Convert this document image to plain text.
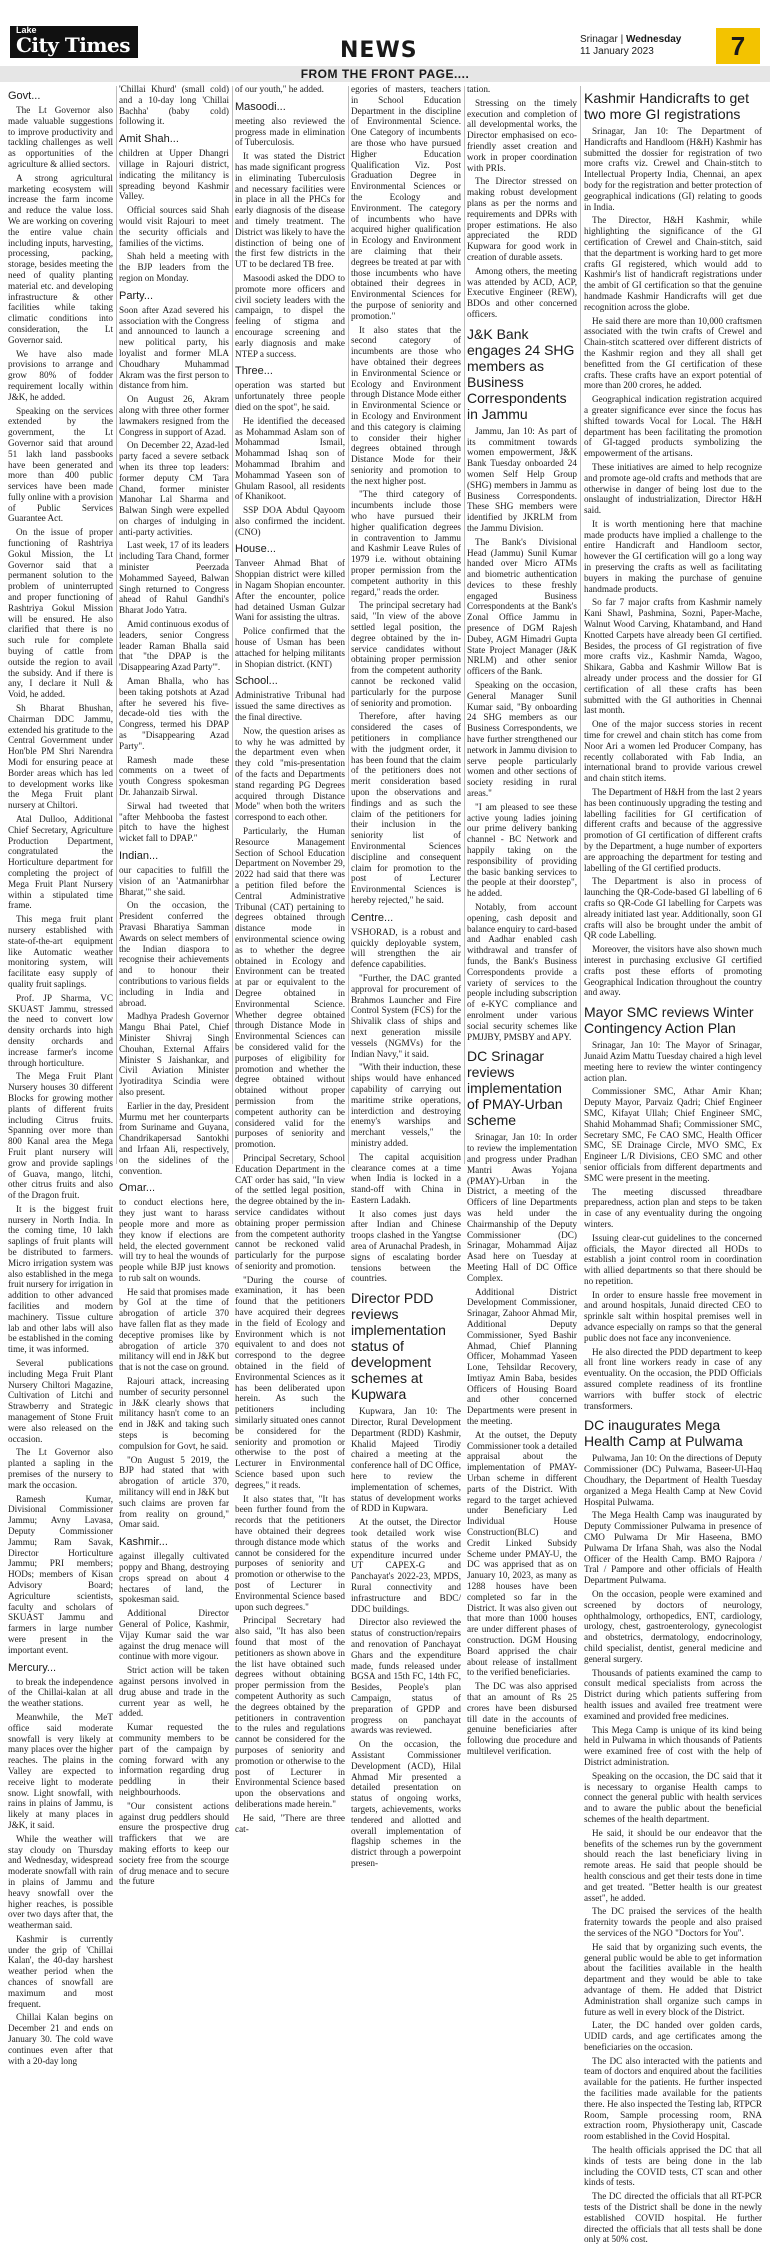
Lake
City Times	NEWS	Srinagar | Wednesday
11 January 2023	7
FROM THE FRONT PAGE....
Govt...

The Lt Governor also made valuable suggestions to improve productivity and tackling challenges as well as opportunities of the agriculture & allied sectors.

A strong agricultural marketing ecosystem will increase the farm income and reduce the value loss. We are working on covering the entire value chain including inputs, harvesting, processing, packing, storage, besides meeting the need of quality planting material etc. and developing infrastructure & other facilities while taking climatic conditions into consideration, the Lt Governor said.

We have also made provisions to arrange and grow 80% of fodder requirement locally within J&K, he added.

Speaking on the services extended by the government, the Lt Governor said that around 51 lakh land passbooks have been generated and more than 400 public services have been made fully online with a provision of Public Services Guarantee Act.

On the issue of proper functioning of Rashtriya Gokul Mission, the Lt Governor said that a permanent solution to the problem of uninterrupted and proper functioning of Rashtriya Gokul Mission will be ensured. He also clarified that there is no such rule for complete buying of cattle from outside the region to avail the subsidy. And if there is any, I declare it Null & Void, he added.

Sh Bharat Bhushan, Chairman DDC Jammu, extended his gratitude to the Central Government under Hon'ble PM Shri Narendra Modi for ensuring peace at Border areas which has led to development works like the Mega Fruit plant nursery at Chiltori.

Atal Dulloo, Additional Chief Secretary, Agriculture Production Department, congratulated the Horticulture department for completing the project of Mega Fruit Plant Nursery within a stipulated time frame.

This mega fruit plant nursery established with state-of-the-art equipment like Automatic weather monitoring system, will facilitate easy supply of quality fruit saplings.

Prof. JP Sharma, VC SKUAST Jammu, stressed the need to convert low density orchards into high density orchards and increase farmer's income through horticulture.

The Mega Fruit Plant Nursery houses 30 different Blocks for growing mother plants of different fruits including Citrus fruits. Spanning over more than 800 Kanal area the Mega Fruit plant nursery will grow and provide saplings of Guava, mango, litchi, other citrus fruits and also of the Dragon fruit.

It is the biggest fruit nursery in North India. In the coming time, 10 lakh saplings of fruit plants will be distributed to farmers. Micro irrigation system was also established in the mega fruit nursery for irrigation in addition to other advanced facilities and modern machinery. Tissue culture lab and other labs will also be established in the coming time, it was informed.

Several publications including Mega Fruit Plant Nursery Chiltori Magazine, Cultivation of Litchi and Strawberry and Strategic management of Stone Fruit were also released on the occasion.

The Lt Governor also planted a sapling in the premises of the nursery to mark the occasion.

Ramesh Kumar, Divisional Commissioner Jammu; Avny Lavasa, Deputy Commissioner Jammu; Ram Savak, Director Horticulture Jammu; PRI members; HODs; members of Kisan Advisory Board; Agriculture scientists, faculty and scholars of SKUAST Jammu and farmers in large number were present in the important event.

Mercury...

to break the independence of the Chillai-kalan at all the weather stations.

Meanwhile, the MeT office said moderate snowfall is very likely at many places over the higher reaches. The plains in the Valley are expected to receive light to moderate snow. Light snowfall, with rains in plains of Jammu, is likely at many places in J&K, it said.

While the weather will stay cloudy on Thursday and Wednesday, widespread moderate snowfall with rain in plains of Jammu and heavy snowfall over the higher reaches, is possible over two days after that, the weatherman said.

Kashmir is currently under the grip of 'Chillai Kalan', the 40-day harshest weather period when the chances of snowfall are maximum and most frequent.

Chillai Kalan begins on December 21 and ends on January 30. The cold wave continues even after that with a 20-day long

'Chillai Khurd' (small cold) and a 10-day long 'Chillai Bachha' (baby cold) following it.

Amit Shah...

children at Upper Dhangri village in Rajouri district, indicating the militancy is spreading beyond Kashmir Valley.

Official sources said Shah would visit Rajouri to meet the security officials and families of the victims.

Shah held a meeting with the BJP leaders from the region on Monday.

Party...

Soon after Azad severed his association with the Congress and announced to launch a new political party, his loyalist and former MLA Choudhary Muhammad Akram was the first person to distance from him.

On August 26, Akram along with three other former lawmakers resigned from the Congress in support of Azad.

On December 22, Azad-led party faced a severe setback when its three top leaders: former deputy CM Tara Chand, former minister Manohar Lal Sharma and Balwan Singh were expelled on charges of indulging in anti-party activities.

Last week, 17 of its leaders including Tara Chand, former minister Peerzada Mohammed Sayeed, Balwan Singh returned to Congress ahead of Rahul Gandhi's Bharat Jodo Yatra.

Amid continuous exodus of leaders, senior Congress leader Raman Bhalla said that "the DPAP is the 'Disappearing Azad Party'".

Aman Bhalla, who has been taking potshots at Azad after he severed his five-decade-old ties with the Congress, termed his DPAP as "Disappearing Azad Party".

Ramesh made these comments on a tweet of youth Congress spokesman Dr. Jahanzaib Sirwal.

Sirwal had tweeted that "after Mehbooba the fastest pitch to have the highest wicket fall to DPAP."

Indian...

our capacities to fulfill the vision of an 'Aatmanirbhar Bharat,'" she said.

On the occasion, the President conferred the Pravasi Bharatiya Samman Awards on select members of the Indian diaspora to recognise their achievements and to honour their contributions to various fields including in India and abroad.

Madhya Pradesh Governor Mangu Bhai Patel, Chief Minister Shivraj Singh Chouhan, External Affairs Minister S Jaishankar, and Civil Aviation Minister Jyotiraditya Scindia were also present.

Earlier in the day, President Murmu met her counterparts from Suriname and Guyana, Chandrikapersad Santokhi and Irfaan Ali, respectively, on the sidelines of the convention.

Omar...

to conduct elections here, they just want to harass people more and more as they know if elections are held, the elected government will try to heal the wounds of people while BJP just knows to rub salt on wounds.

He said that promises made by GoI at the time of abrogation of article 370 have fallen flat as they made deceptive promises like by abrogation of article 370 militancy will end in J&K but that is not the case on ground.

Rajouri attack, increasing number of security personnel in J&K clearly shows that militancy hasn't come to an end in J&K and taking such steps is becoming compulsion for Govt, he said.

"On August 5 2019, the BJP had stated that with abrogation of article 370, militancy will end in J&K but such claims are proven far from reality on ground," Omar said.

Kashmir...

against illegally cultivated poppy and Bhang, destroying crops spread on about 4 hectares of land, the spokesman said.

Additional Director General of Police, Kashmir, Vijay Kumar said the war against the drug menace will continue with more vigour.

Strict action will be taken against persons involved in drug abuse and trade in the current year as well, he added.

Kumar requested the community members to be part of the campaign by coming forward with any information regarding drug peddling in their neighbourhoods.

"Our consistent actions against drug peddlers should ensure the prospective drug traffickers that we are making efforts to keep our society free from the scourge of drug menace and to secure the future

of our youth," he added.

Masoodi...

meeting also reviewed the progress made in elimination of Tuberculosis.

It was stated the District has made significant progress in eliminating Tuberculosis and necessary facilities were in place in all the PHCs for early diagnosis of the disease and timely treatment. The District was likely to have the distinction of being one of the first few districts in the UT to be declared TB free.

Masoodi asked the DDO to promote more officers and civil society leaders with the campaign, to dispel the feeling of stigma and encourage screening and early diagnosis and make NTEP a success.

Three...

operation was started but unfortunately three people died on the spot", he said.

He identified the deceased as Mohammad Aslam son of Mohammad Ismail, Mohammad Ishaq son of Mohammad Ibrahim and Mohammad Yaseen son of Ghulam Rasool, all residents of Khanikoot.

SSP DOA Abdul Qayoom also confirmed the incident. (CNO)

House...

Tanveer Ahmad Bhat of Shoppian district were killed in Nagam Shopian encounter. After the encounter, police had detained Usman Gulzar Wani for assisting the ultras.

Police confirmed that the house of Usman has been attached for helping militants in Shopian district. (KNT)

School...

Administrative Tribunal had issued the same directives as the final directive.

Now, the question arises as to why he was admitted by the department even when they cold "mis-presentation of the facts and Departments stand regarding PG Degrees acquired through Distance Mode" when both the writers correspond to each other.

Particularly, the Human Resource Management Section of School Education Department on November 29, 2022 had said that there was a petition filed before the Central Administrative Tribunal (CAT) pertaining to degrees obtained through distance mode in environmental science owing as to whether the degree obtained in Ecology and Environment can be treated at par or equivalent to the Degree obtained in Environmental Science. Whether degree obtained through Distance Mode in Environmental Sciences can be considered valid for the purposes of eligibility for promotion and whether the degree obtained without obtained without proper permission from the competent authority can be considered valid for the purposes of seniority and promotion.

Principal Secretary, School Education Department in the CAT order has said, "In view of the settled legal position, the degree obtained by the in-service candidates without obtaining proper permission from the competent authority cannot be reckoned valid particularly for the purpose of seniority and promotion.

"During the course of examination, it has been found that the petitioners have acquired their degrees in the field of Ecology and Environment which is not equivalent to and does not correspond to the degree obtained in the field of Environmental Sciences as it has been deliberated upon herein. As such the petitioners including similarly situated ones cannot be considered for the seniority and promotion or otherwise to the post of Lecturer in Environmental Science based upon such degrees," it reads.

It also states that, "It has been further found from the records that the petitioners have obtained their degrees through distance mode which cannot be considered for the purposes of seniority and promotion or otherwise to the post of Lecturer in Environmental Science based upon such degrees."

Principal Secretary had also said, "It has also been found that most of the petitioners as shown above in the list have obtained such degrees without obtaining proper permission from the competent Authority as such the degrees obtained by the petitioners in contravention to the rules and regulations cannot be considered for the purposes of seniority and promotion or otherwise to the post of Lecturer in Environmental Science based upon the observations and deliberations made herein."

He said, "There are three cat-

egories of masters, teachers in School Education Department in the discipline of Environmental Science. One Category of incumbents are those who have pursued Higher Education Qualification Viz. Post Graduation Degree in Environmental Sciences or the Ecology and Environment. The category of incumbents who have acquired higher qualification in Ecology and Environment are claiming that their degrees be treated at par with those incumbents who have obtained their degrees in Environmental Sciences for the purpose of seniority and promotion."

It also states that the second category of incumbents are those who have obtained their degrees in Environmental Science or Ecology and Environment through Distance Mode either in Environmental Science or in Ecology and Environment and this category is claiming to consider their higher degrees obtained through Distance Mode for their seniority and promotion to the next higher post.

"The third category of incumbents include those who have pursued their higher qualification degrees in contravention to Jammu and Kashmir Leave Rules of 1979 i.e. without obtaining proper permission from the competent authority in this regard," reads the order.

The principal secretary had said, "In view of the above settled legal position, the degree obtained by the in-service candidates without obtaining proper permission from the competent authority cannot be reckoned valid particularly for the purpose of seniority and promotion.

Therefore, after having considered the cases of petitioners in compliance with the judgment order, it has been found that the claim of the petitioners does not merit consideration based upon the observations and findings and as such the claim of the petitioners for their inclusion in the seniority list of Environmental Sciences discipline and consequent claim for promotion to the post of Lecturer Environmental Sciences is hereby rejected," he said.

Centre...

VSHORAD, is a robust and quickly deployable system, will strengthen the air defence capabilities.

"Further, the DAC granted approval for procurement of Brahmos Launcher and Fire Control System (FCS) for the Shivalik class of ships and next generation missile vessels (NGMVs) for the Indian Navy," it said.

"With their induction, these ships would have enhanced capability of carrying out maritime strike operations, interdiction and destroying enemy's warships and merchant vessels," the ministry added.

The capital acquisition clearance comes at a time when India is locked in a stand-off with China in Eastern Ladakh.

It also comes just days after Indian and Chinese troops clashed in the Yangtse area of Arunachal Pradesh, in signs of escalating border tensions between the countries.

Director PDD reviews implementation status of development schemes at Kupwara

Kupwara, Jan 10: The Director, Rural Development Department (RDD) Kashmir, Khalid Majeed Tirodiy chaired a meeting at the conference hall of DC Office, here to review the implementation of schemes, status of development works of RDD in Kupwara.

At the outset, the Director took detailed work wise status of the works and expenditure incurred under UT CAPEX-G and Panchayat's 2022-23, MPDS, Rural connectivity and infrastructure and BDC/ DDC buildings.

Director also reviewed the status of construction/repairs and renovation of Panchayat Ghars and the expenditure made, funds released under BGSA and 15th FC, 14th FC, Besides, People's plan Campaign, status of preparation of GPDP and progress on panchayat awards was reviewed.

On the occasion, the Assistant Commissioner Development (ACD), Hilal Ahmad Mir presented a detailed presentation on status of ongoing works, targets, achievements, works tendered and allotted and overall implementation of flagship schemes in the district through a powerpoint presen-

tation.

Stressing on the timely execution and completion of all developmental works, the Director emphasised on eco-friendly asset creation and work in proper coordination with PRIs.

The Director stressed on making robust development plans as per the norms and requirements and DPRs with proper estimations. He also appreciated the RDD Kupwara for good work in creation of durable assets.

Among others, the meeting was attended by ACD, ACP, Executive Engineer (REW), BDOs and other concerned officers.

J&K Bank engages 24 SHG members as Business Correspondents in Jammu

Jammu, Jan 10: As part of its commitment towards women empowerment, J&K Bank Tuesday onboarded 24 women Self Help Group (SHG) members in Jammu as Business Correspondents. These SHG members were identified by JKRLM from the Jammu Division.

The Bank's Divisional Head (Jammu) Sunil Kumar handed over Micro ATMs and biometric authentication devices to these freshly engaged Business Correspondents at the Bank's Zonal Office Jammu in presence of DGM Rajesh Dubey, AGM Himadri Gupta State Project Manager (J&K NRLM) and other senior officers of the Bank.

Speaking on the occasion, General Manager Sunil Kumar said, "By onboarding 24 SHG members as our Business Correspondents, we have further strengthened our network in Jammu division to serve people particularly women and other sections of society residing in rural areas."

"I am pleased to see these active young ladies joining our prime delivery banking channel - BC Network and happily taking on the responsibility of providing the basic banking services to the people at their doorstep", he added.

Notably, from account opening, cash deposit and balance enquiry to card-based and Aadhar enabled cash withdrawal and transfer of funds, the Bank's Business Correspondents provide a variety of services to the people including subscription of e-KYC compliance and enrolment under various social security schemes like PMJJBY, PMSBY and APY.

DC Srinagar reviews implementation of PMAY-Urban scheme

Srinagar, Jan 10: In order to review the implementation and progress under Pradhan Mantri Awas Yojana (PMAY)-Urban in the District, a meeting of the Officers of line Departments was held under the Chairmanship of the Deputy Commissioner (DC) Srinagar, Mohammad Aijaz Asad here on Tuesday at Meeting Hall of DC Office Complex.

Additional District Development Commissioner, Srinagar, Zahoor Ahmad Mir, Additional Deputy Commissioner, Syed Bashir Ahmad, Chief Planning Officer, Mohammad Yaseen Lone, Tehsildar Recovery, Imtiyaz Amin Baba, besides Officers of Housing Board and other concerned Departments were present in the meeting.

At the outset, the Deputy Commissioner took a detailed appraisal about the implementation of PMAY-Urban scheme in different parts of the District. With regard to the target achieved under Beneficiary Led Individual House Construction(BLC) and Credit Linked Subsidy Scheme under PMAY-U, the DC was apprised that as on January 10, 2023, as many as 1288 houses have been completed so far in the District. It was also given out that more than 1000 houses are under different phases of construction. DGM Housing Board apprised the chair about release of installment to the verified beneficiaries.

The DC was also apprised that an amount of Rs 25 crores have been disbursed till date in the accounts of genuine beneficiaries after following due procedure and multilevel verification.

Kashmir Handicrafts to get two more GI registrations

Srinagar, Jan 10: The Department of Handicrafts and Handloom (H&H) Kashmir has submitted the dossier for registration of two more crafts viz. Crewel and Chain-stitch to Intellectual Property India, Chennai, an apex body for the registration and better protection of geographical indications (GI) relating to goods in India.

The Director, H&H Kashmir, while highlighting the significance of the GI certification of Crewel and Chain-stitch, said that the department is working hard to get more crafts GI registered, which would add to Kashmir's list of handicraft registrations under the ambit of GI certification so that the genuine handmade Kashmir Handicrafts will get due recognition across the globe.

He said there are more than 10,000 craftsmen associated with the twin crafts of Crewel and Chain-stitch scattered over different districts of the Kashmir region and they all shall get benefitted from the GI certification of these crafts. These crafts have an export potential of more than 200 crores, he added.

Geographical indication registration acquired a greater significance ever since the focus has shifted towards Vocal for Local. The H&H department has been facilitating the promotion of GI-tagged products symbolizing the empowerment of the artisans.

These initiatives are aimed to help recognize and promote age-old crafts and methods that are otherwise in danger of being lost due to the onslaught of industrialization, Director H&H said.

It is worth mentioning here that machine made products have implied a challenge to the entire Handicraft and Handloom sector, however the GI certification will go a long way in preserving the crafts as well as facilitating buyers in making the purchase of genuine handmade products.

So far 7 major crafts from Kashmir namely Kani Shawl, Pashmina, Sozni, Paper-Mache, Walnut Wood Carving, Khatamband, and Hand Knotted Carpets have already been GI certified. Besides, the process of GI registration of five more crafts viz., Kashmir Namda, Wagoo, Shikara, Gabba and Kashmir Willow Bat is already under process and the dossier for GI certification of all these crafts has been submitted with the GI authorities in Chennai last month.

One of the major success stories in recent time for crewel and chain stitch has come from Noor Ari a women led Producer Company, has recently collaborated with Fab India, an international brand to provide various crewel and chain stitch items.

The Department of H&H from the last 2 years has been continuously upgrading the testing and labelling facilities for GI certification of different crafts and because of the aggressive promotion of GI certification of different crafts by the Department, a huge number of exporters are approaching the department for testing and labelling of the GI certified products.

The Department is also in process of launching the QR-Code-based GI labelling of 6 crafts so QR-Code GI labelling for Carpets was already initiated last year. Additionally, soon GI crafts will also be brought under the ambit of QR code Labelling.

Moreover, the visitors have also shown much interest in purchasing exclusive GI certified crafts post these efforts of promoting Geographical Indication throughout the country and away.

Mayor SMC reviews Winter Contingency Action Plan

Srinagar, Jan 10: The Mayor of Srinagar, Junaid Azim Mattu Tuesday chaired a high level meeting here to review the winter contingency action plan.

Commissioner SMC, Athar Amir Khan; Deputy Mayor, Parvaiz Qadri; Chief Engineer SMC, Kifayat Ullah; Chief Engineer SMC, Shahid Mohammad Shafi; Commissioner SMC, Secretary SMC, Fe CAO SMC, Health Officer SMC, SE Drainage Circle, MVO SMC, Ex Engineer L/R Divisions, CEO SMC and other senior officials from different departments and SMC were present in the meeting.

The meeting discussed threadbare preparedness, action plan and steps to be taken in case of any eventuality during the ongoing winters.

Issuing clear-cut guidelines to the concerned officials, the Mayor directed all HODs to establish a joint control room in coordination with allied departments so that there should be no repetition.

In order to ensure hassle free movement in and around hospitals, Junaid directed CEO to sprinkle salt within hospital premises well in advance especially on ramps so that the general public does not face any inconvenience.

He also directed the PDD department to keep all front line workers ready in case of any eventuality. On the occasion, the PDD Officials assured complete readiness of its frontline warriors with buffer stock of electric transformers.

DC inaugurates Mega Health Camp at Pulwama

Pulwama, Jan 10: On the directions of Deputy Commissioner (DC) Pulwama, Baseer-Ul-Haq Choudhary, the Department of Health Tuesday organized a Mega Health Camp at New Covid Hospital Pulwama.

The Mega Health Camp was inaugurated by Deputy Commissioner Pulwama in presence of CMO Pulwama Dr Mir Haseena, BMO Pulwama Dr Irfana Shah, was also the Nodal Officer of the Health Camp. BMO Rajpora / Tral / Pampore and other officials of Health Department Pulwama.

On the occasion, people were examined and screened by doctors of neurology, ophthalmology, orthopedics, ENT, cardiology, urology, chest, gastroenterology, gynecologist and obstetrics, dermatology, endocrinology, child specialist, dentist, general medicine and general surgery.

Thousands of patients examined the camp to consult medical specialists from across the District during which patients suffering from health issues and availed free treatment were examined and provided free medicines.

This Mega Camp is unique of its kind being held in Pulwama in which thousands of Patients were examined free of cost with the help of District administration.

Speaking on the occasion, the DC said that it is necessary to organise Health camps to connect the general public with health services and to aware the public about the beneficial schemes of the health department.

He said, it should be our endeavor that the benefits of the schemes run by the government should reach the last beneficiary living in remote areas. He said that people should be health conscious and get their tests done in time and get treated. "Better health is our greatest asset", he added.

The DC praised the services of the health fraternity towards the people and also praised the services of the NGO "Doctors for You".

He said that by organizing such events, the general public would be able to get information about the facilities available in the health department and they would be able to take advantage of them. He added that District Administration shall organize such camps in future as well in every block of the District.

Later, the DC handed over golden cards, UDID cards, and age certificates among the beneficiaries on the occasion.

The DC also interacted with the patients and team of doctors and enquired about the facilities available for the patients. He further inspected the facilities made available for the patients there. He also inspected the Testing lab, RTPCR Room, Sample processing room, RNA extraction room, Physiotherapy unit, Cascade room established in the Covid Hospital.

The health officials apprised the DC that all kinds of tests are being done in the lab including the COVID tests, CT scan and other kinds of tests.

The DC directed the officials that all RT-PCR tests of the District shall be done in the newly established COVID hospital. He further directed the officials that all tests shall be done only at 50% cost.
